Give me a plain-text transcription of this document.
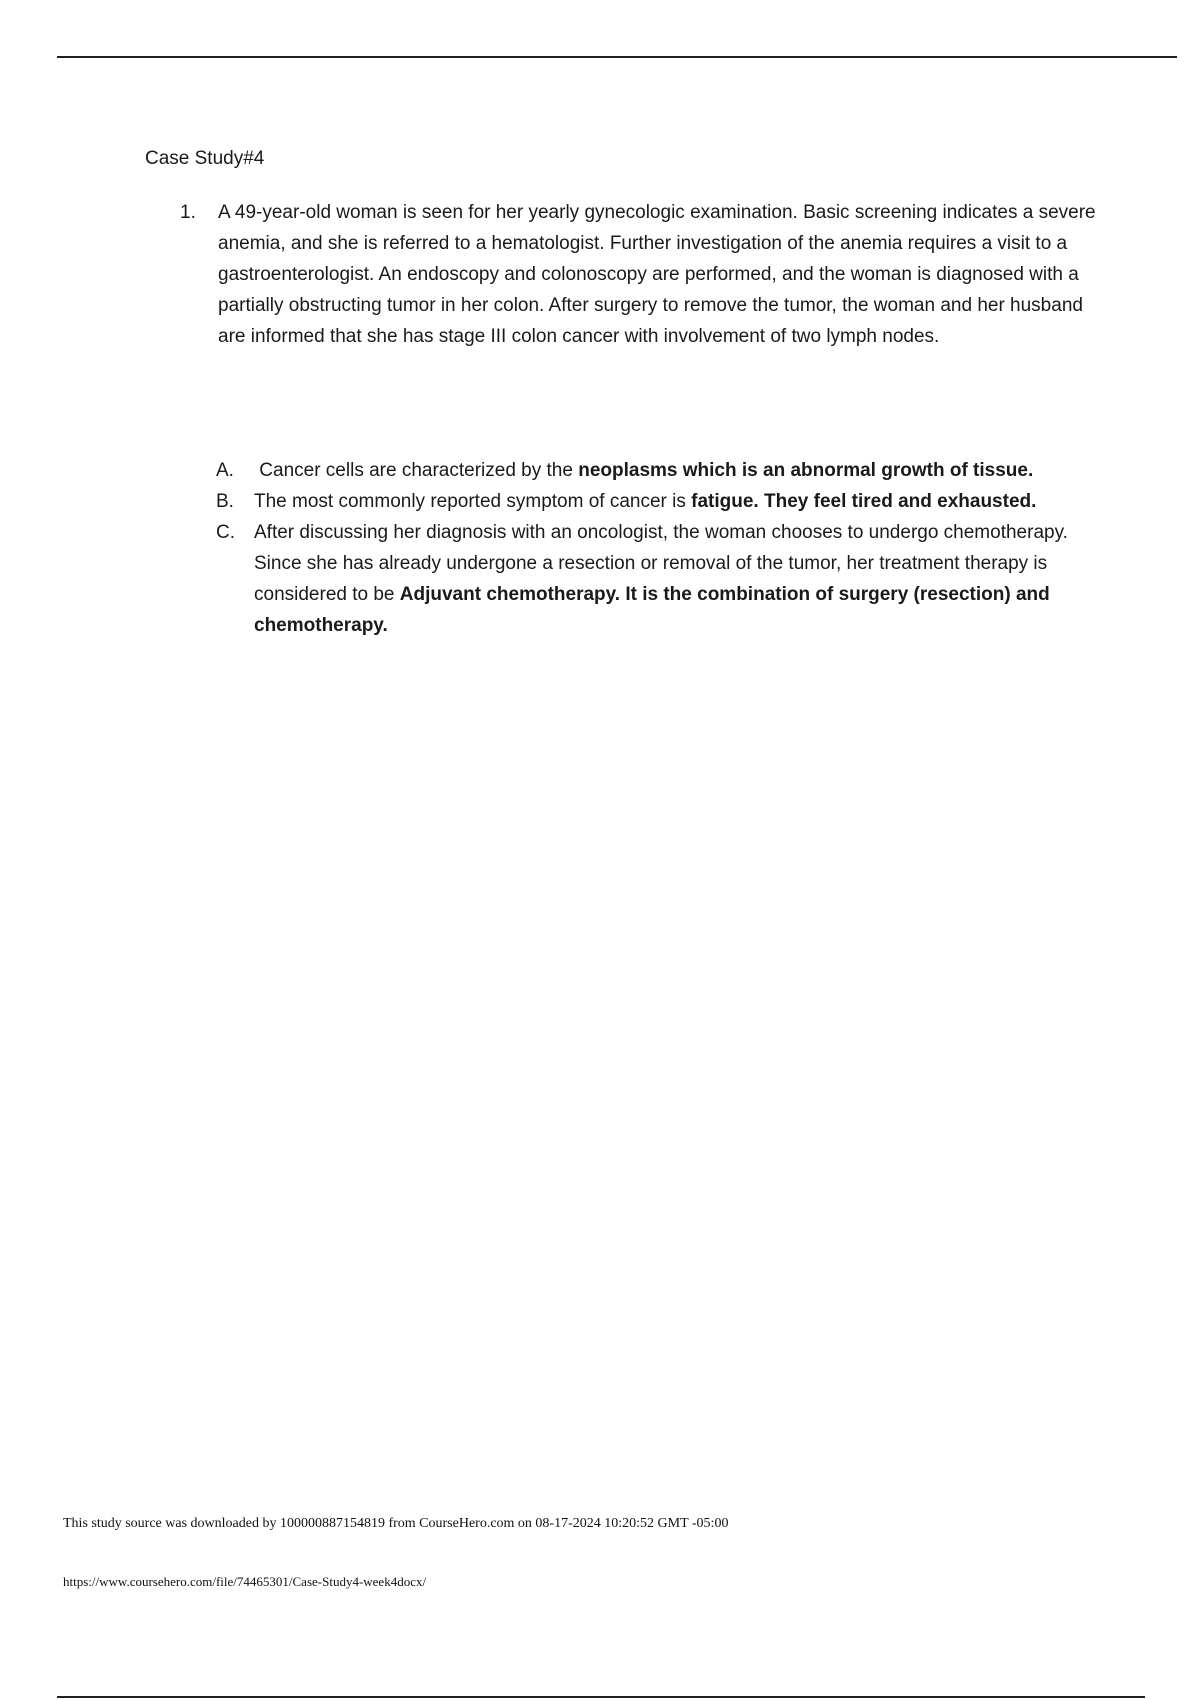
Case Study#4
1. A 49-year-old woman is seen for her yearly gynecologic examination. Basic screening indicates a severe anemia, and she is referred to a hematologist. Further investigation of the anemia requires a visit to a gastroenterologist. An endoscopy and colonoscopy are performed, and the woman is diagnosed with a partially obstructing tumor in her colon. After surgery to remove the tumor, the woman and her husband are informed that she has stage III colon cancer with involvement of two lymph nodes.
A. Cancer cells are characterized by the neoplasms which is an abnormal growth of tissue.
B. The most commonly reported symptom of cancer is fatigue. They feel tired and exhausted.
C. After discussing her diagnosis with an oncologist, the woman chooses to undergo chemotherapy. Since she has already undergone a resection or removal of the tumor, her treatment therapy is considered to be Adjuvant chemotherapy. It is the combination of surgery (resection) and chemotherapy.
This study source was downloaded by 100000887154819 from CourseHero.com on 08-17-2024 10:20:52 GMT -05:00
https://www.coursehero.com/file/74465301/Case-Study4-week4docx/
